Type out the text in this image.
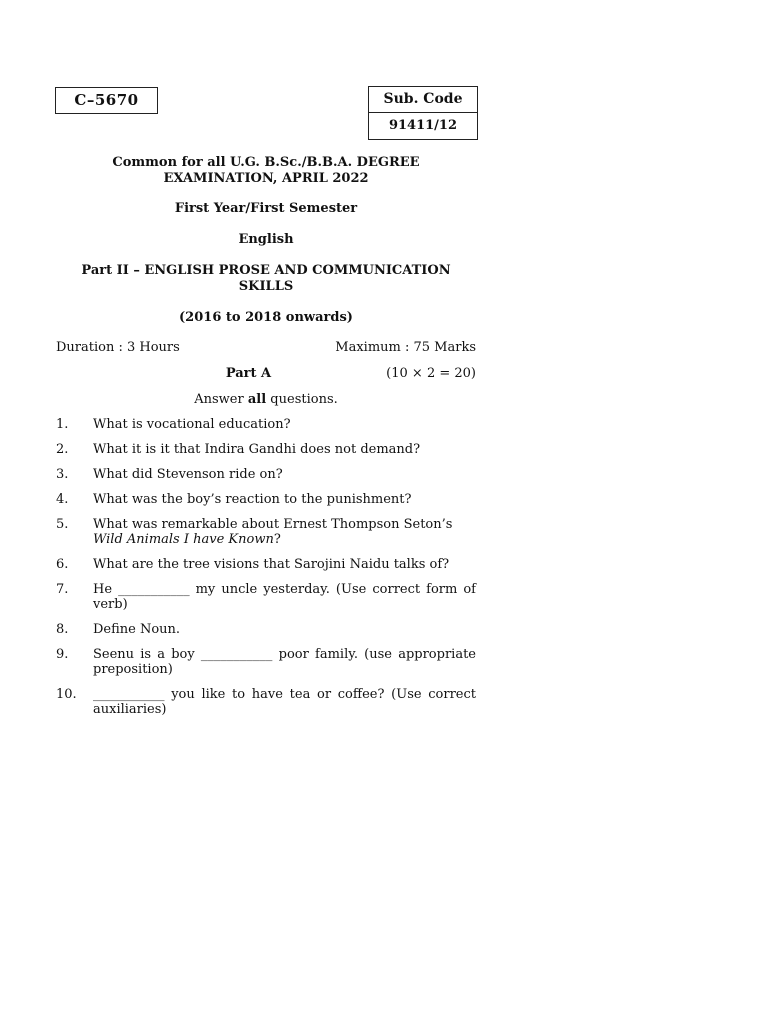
C–5670	Sub. Code
91411/12
Common for all U.G. B.Sc./B.B.A. DEGREE
EXAMINATION, APRIL 2022
First Year/First Semester
English
Part II – ENGLISH PROSE AND COMMUNICATION
SKILLS
(2016 to 2018 onwards)
Duration : 3 Hours	Maximum : 75 Marks
Part A	(10 × 2 = 20)
Answer all questions.
1. What is vocational education?
2. What it is it that Indira Gandhi does not demand?
3. What did Stevenson ride on?
4. What was the boy’s reaction to the punishment?
5. What was remarkable about Ernest Thompson Seton’s
Wild Animals I have Known?
6. What are the tree visions that Sarojini Naidu talks of?
7. He ___________ my uncle yesterday. (Use correct form of verb)
8. Define Noun.
9. Seenu is a boy ___________ poor family. (use appropriate preposition)
10. ___________ you like to have tea or coffee? (Use correct auxiliaries)
